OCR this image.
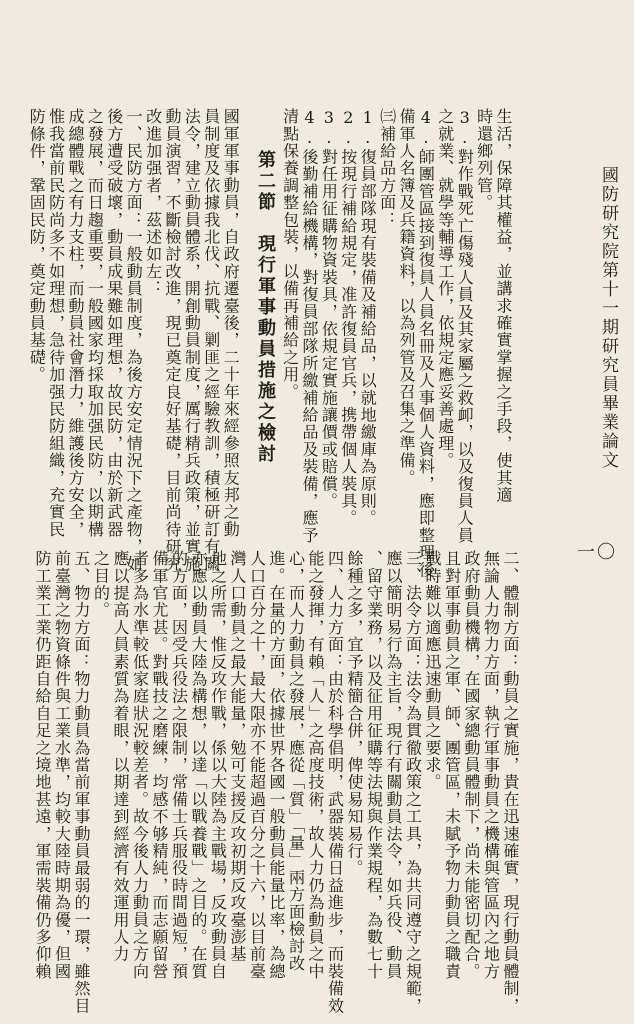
國防研究院第十一期研究員畢業論文
一〇
第二節　現行軍事動員措施之檢討	生活，保障其權益，並講求確實掌握之手段，使其適
時還鄉列管。
3.對作戰死亡傷殘人員及其家屬之救卹，以及復員人員
之就業、就學等輔導工作，依規定應妥善處理。
4.師團管區接到復員人員名冊及人事個人資料，應即整理後
備軍人名簿及兵籍資料，以為列管及召集之準備。
㈢補給品方面：
1.復員部隊現有裝備及補給品，以就地繳庫為原則。
2.按現行補給規定，准許復員官兵，携帶個人裝具。
3.對任用征購物資裝具，依規定實施讓價或賠償。
4.後勤補給機構，對復員部隊所繳補給品及裝備，應予
清點保養調整包裝，以備再補給之用。
國軍軍事動員，自政府遷臺後，二十年來經參照友邦之動
員制度及依據我北伐、抗戰、剿匪之經驗教訓，積極研訂有關
法令，建立動員體系，開創動員制度，厲行精兵政策，並實施
動員演習，不斷檢討改進，現已奠定良好基礎，目前尚待研究
改進加强者，茲述如左：
一、民防方面：一般動員制度，為後方安定情況下之產物，如
後方遭受破壞，動員成果難如理想，故民防，由於新武器
之發展，而日趨重要，一般國家均採取加强民防，以期構
成總體戰之有力支柱，而動員社會潛力，維護後方安全，
惟我當前民防尚多不如理想，急待加强民防組織，充實民
防條件，鞏固民防，奠定動員基礎。
二、體制方面：動員之實施，貴在迅速確實，現行動員體制，
無論人力物力方面，執行軍事動員之機構與管區內之地方
政府動員機構，在國家總動員體制下，尚未能密切配合。
且對軍事動員之軍、師、團管區，未賦予物力動員之職責
戰時難以適應迅速動員之要求。
三、法令方面：法令為貫徹政策之工具，為共同遵守之規範，
應以簡明易行為主旨，現行有關動員法令，如兵役、動員
、留守業務，以及征用征購等法規與作業規程，為數七十
餘種之多，宜予精簡合併，俾使易知易行。
四、人力方面：由於科學倡明，武器裝備日益進步，而裝備效
能之發揮，有賴「人」之高度技術，故人力仍為動員之中
心，而人力動員之發展，應從「質」「量」兩方面檢討改
進。在量的方面，依據世界各國一般動員能量比率，為總
人口百分之十，最大限亦不能超過百分之十六，以目前臺
灣人口動員之最大能量，勉可支援反攻初期反攻臺澎基
地之所需，惟反攻作戰，係以大陸為主戰場，反攻動員自
亦應以動員大陸為構想，以達「以戰養戰」之目的。在質
的方面，因受兵役法之限制，常備士兵服役時間過短，預
備軍官尤甚。對戰技之磨練，均感不够精純，而志願留營
者多為水準較低家庭狀況較差者。故今後人力動員之方向
應以提高人員素質為着眼，以期達到經濟有效運用人力
之目的。
五、物力方面：物力動員為當前軍事動員最弱的一環，雖然目
前臺灣之物資條件與工業水準，均較大陸時期為優，但國
防工業工業仍距自給自足之境地甚遠，軍需裝備仍多仰賴
